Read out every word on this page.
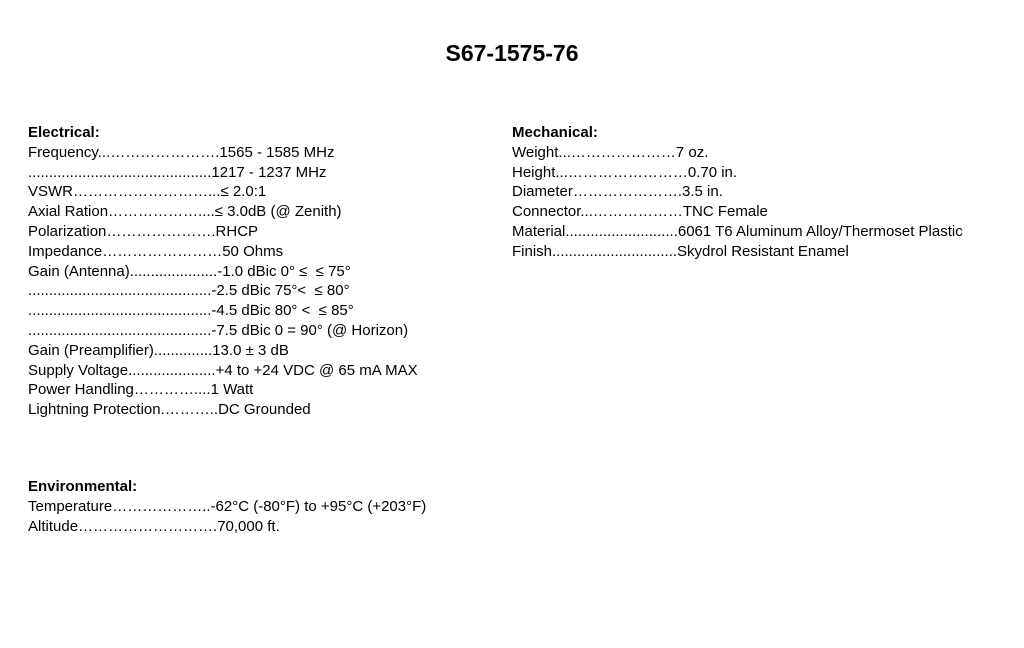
S67-1575-76
Electrical:
Frequency...………………….1565 - 1585 MHz
............................................1217 - 1237 MHz
VSWR………………………...≤ 2.0:1
Axial Ration………………....≤ 3.0dB (@ Zenith)
Polarization………………….RHCP
Impedance……………………50 Ohms
Gain (Antenna).....................-1.0 dBic 0° ≤  ≤ 75°
............................................-2.5 dBic 75°<  ≤ 80°
............................................-4.5 dBic 80° <  ≤ 85°
............................................-7.5 dBic 0 = 90° (@ Horizon)
Gain (Preamplifier)..............13.0 ± 3 dB
Supply Voltage.....................+4 to +24 VDC @ 65 mA MAX
Power Handling…………....1 Watt
Lightning Protection.………..DC Grounded
Mechanical:
Weight...…………………7 oz.
Height...……………………0.70 in.
Diameter………………….3.5 in.
Connector...………………TNC Female
Material...........................6061 T6 Aluminum Alloy/Thermoset Plastic
Finish..............................Skydrol Resistant Enamel
Environmental:
Temperature………………..-62°C (-80°F) to +95°C (+203°F)
Altitude……………………….70,000 ft.
